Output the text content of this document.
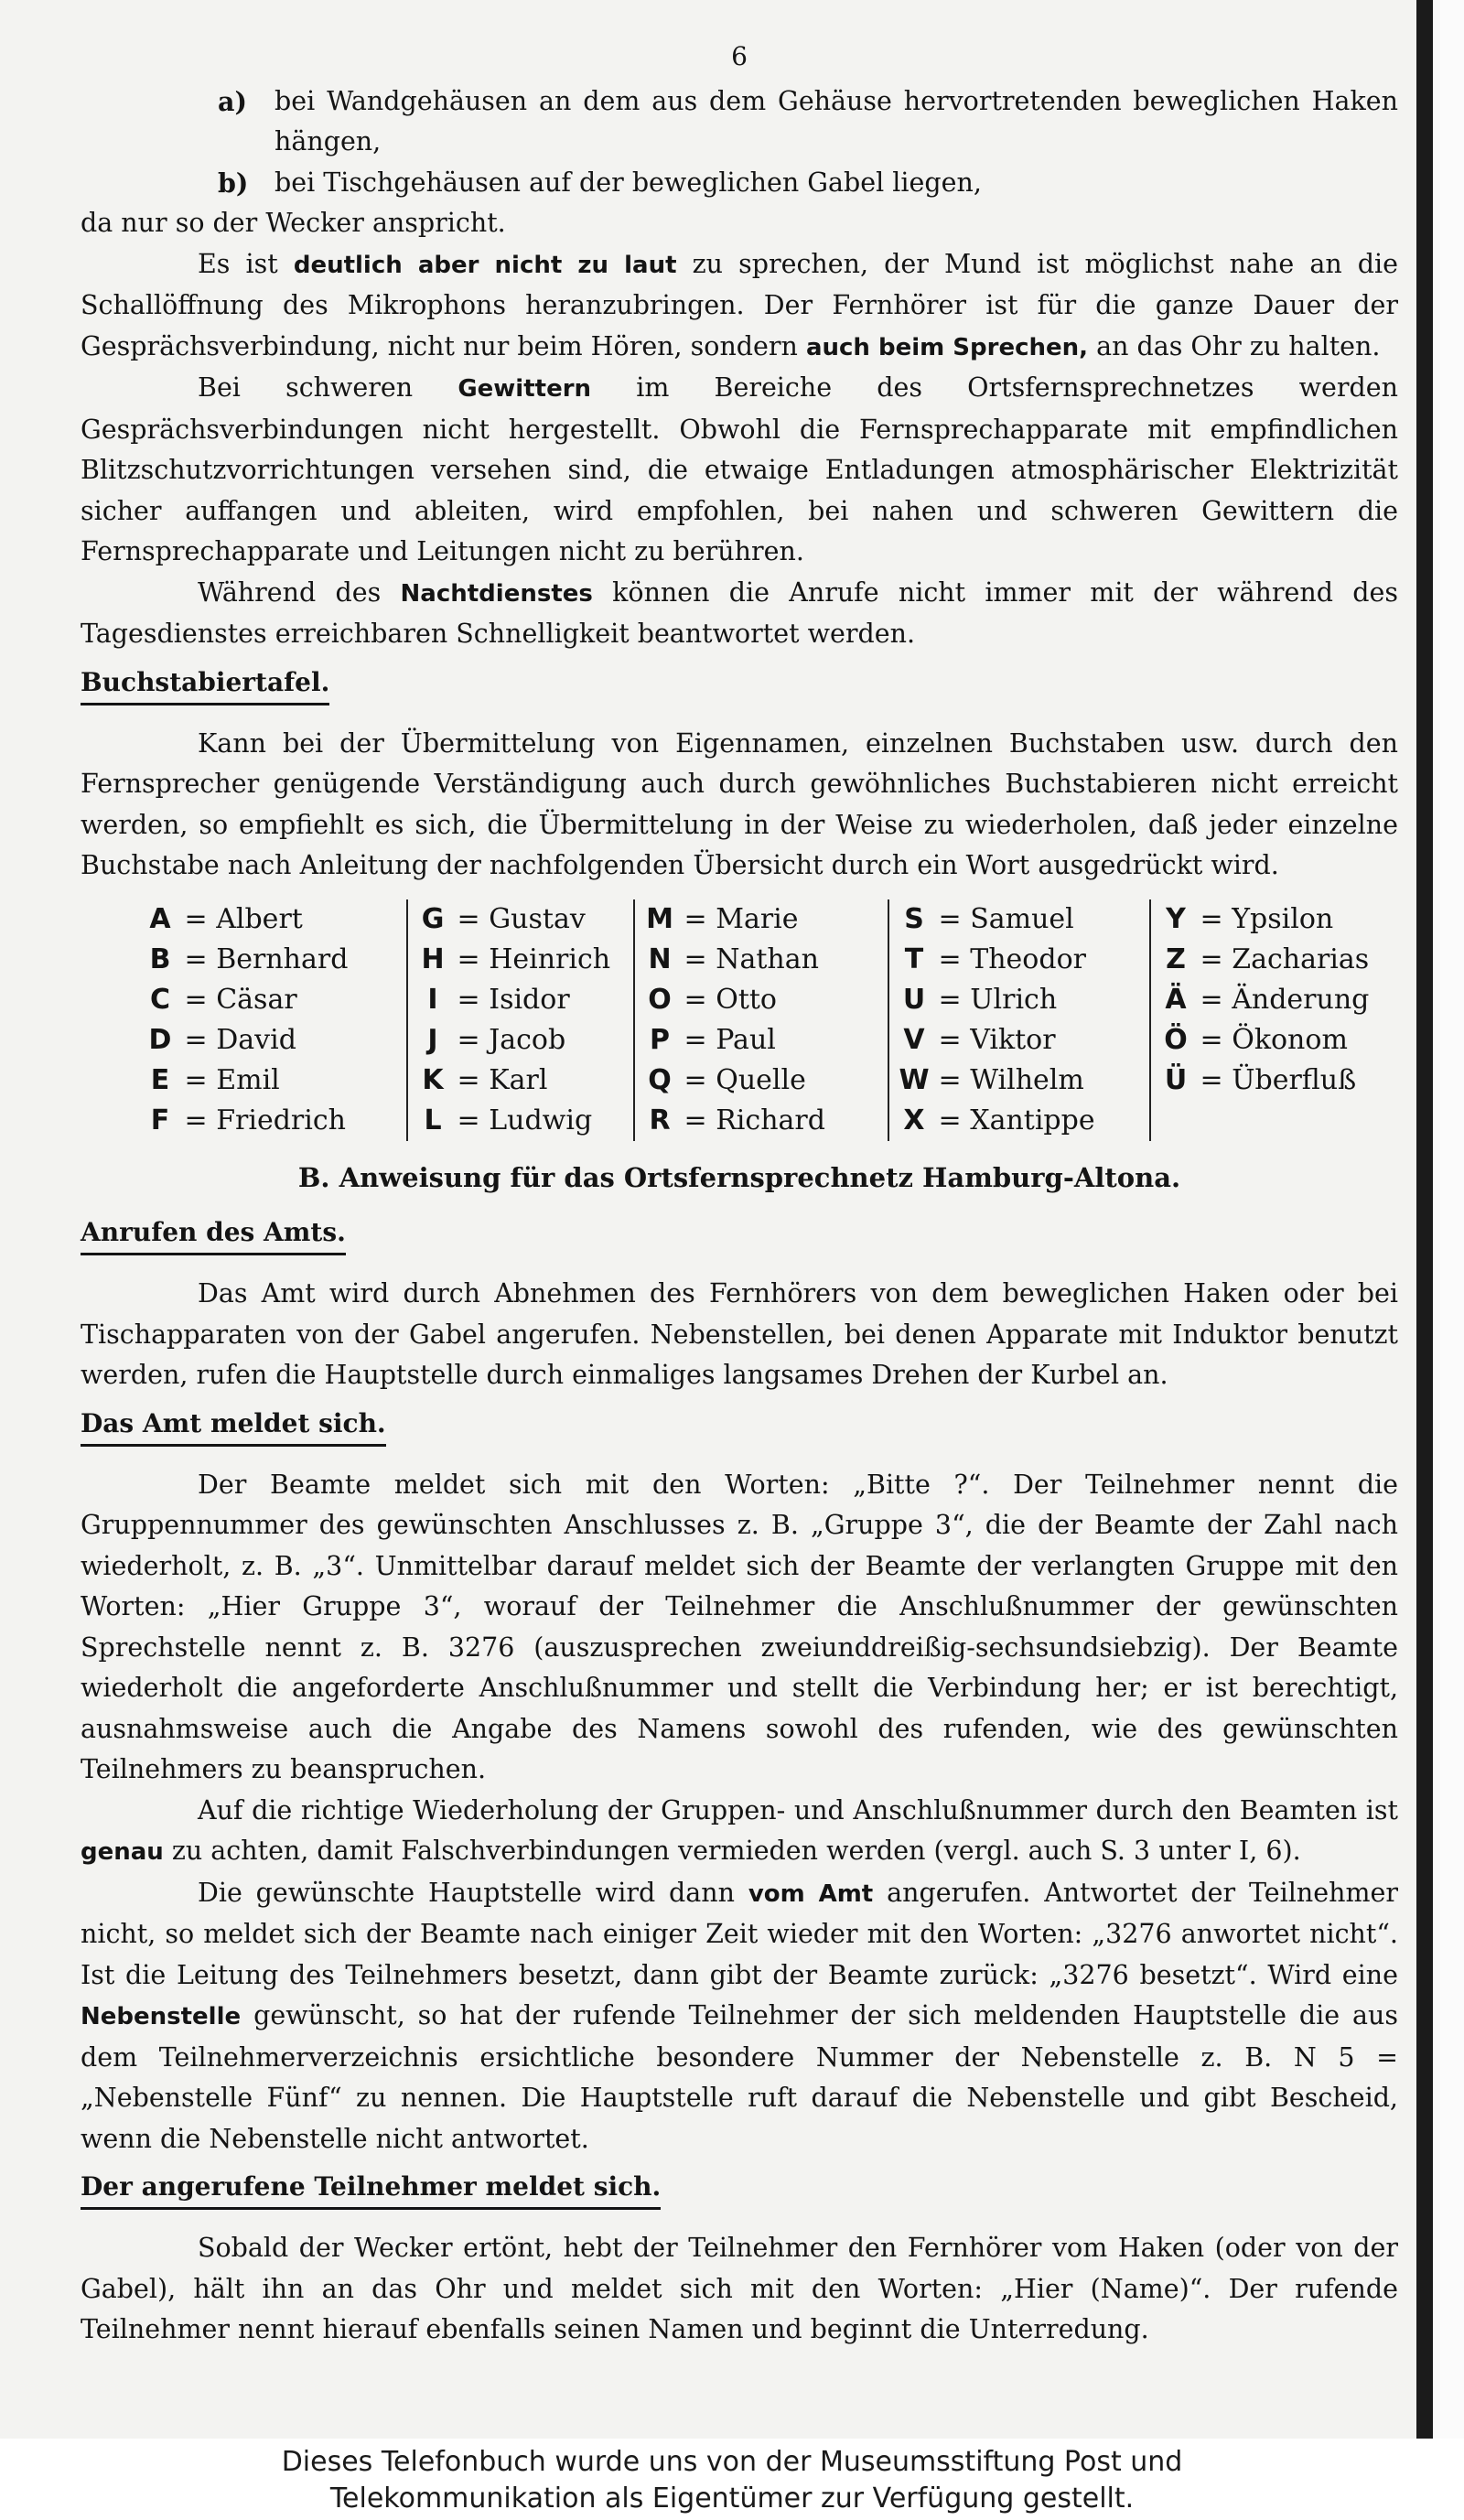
6
a)	bei Wandgehäusen an dem aus dem Gehäuse hervortretenden beweglichen Haken hängen,
b)	bei Tischgehäusen auf der beweglichen Gabel liegen,
da nur so der Wecker anspricht.

Es ist deutlich aber nicht zu laut zu sprechen, der Mund ist möglichst nahe an die Schallöffnung des Mikrophons heranzubringen. Der Fernhörer ist für die ganze Dauer der Gesprächsverbindung, nicht nur beim Hören, sondern auch beim Sprechen, an das Ohr zu halten.

Bei schweren Gewittern im Bereiche des Ortsfernsprechnetzes werden Gesprächsverbindungen nicht hergestellt. Obwohl die Fernsprechapparate mit empfindlichen Blitzschutzvorrichtungen versehen sind, die etwaige Entladungen atmosphärischer Elektrizität sicher auffangen und ableiten, wird empfohlen, bei nahen und schweren Gewittern die Fernsprechapparate und Leitungen nicht zu berühren.

Während des Nachtdienstes können die Anrufe nicht immer mit der während des Tagesdienstes erreichbaren Schnelligkeit beantwortet werden.

Buchstabiertafel.

Kann bei der Übermittelung von Eigennamen, einzelnen Buchstaben usw. durch den Fernsprecher genügende Verständigung auch durch gewöhnliches Buchstabieren nicht erreicht werden, so empfiehlt es sich, die Übermittelung in der Weise zu wiederholen, daß jeder einzelne Buchstabe nach Anleitung der nachfolgenden Übersicht durch ein Wort ausgedrückt wird.

A = Albert
B = Bernhard
C = Cäsar
D = David
E = Emil
F = Friedrich
G = Gustav
H = Heinrich
I = Isidor
J = Jacob
K = Karl
L = Ludwig
M = Marie
N = Nathan
O = Otto
P = Paul
Q = Quelle
R = Richard
S = Samuel
T = Theodor
U = Ulrich
V = Viktor
W = Wilhelm
X = Xantippe
Y = Ypsilon
Z = Zacharias
Ä = Änderung
Ö = Ökonom
Ü = Überfluß
B. Anweisung für das Ortsfernsprechnetz Hamburg-Altona.
Anrufen des Amts.

Das Amt wird durch Abnehmen des Fernhörers von dem beweglichen Haken oder bei Tischapparaten von der Gabel angerufen. Nebenstellen, bei denen Apparate mit Induktor benutzt werden, rufen die Hauptstelle durch einmaliges langsames Drehen der Kurbel an.

Das Amt meldet sich.

Der Beamte meldet sich mit den Worten: „Bitte ?“. Der Teilnehmer nennt die Gruppennummer des gewünschten Anschlusses z. B. „Gruppe 3“, die der Beamte der Zahl nach wiederholt, z. B. „3“. Unmittelbar darauf meldet sich der Beamte der verlangten Gruppe mit den Worten: „Hier Gruppe 3“, worauf der Teilnehmer die Anschlußnummer der gewünschten Sprechstelle nennt z. B. 3276 (auszusprechen zweiunddreißig-sechsundsiebzig). Der Beamte wiederholt die angeforderte Anschlußnummer und stellt die Verbindung her; er ist berechtigt, ausnahmsweise auch die Angabe des Namens sowohl des rufenden, wie des gewünschten Teilnehmers zu beanspruchen.

Auf die richtige Wiederholung der Gruppen- und Anschlußnummer durch den Beamten ist genau zu achten, damit Falschverbindungen vermieden werden (vergl. auch S. 3 unter I, 6).

Die gewünschte Hauptstelle wird dann vom Amt angerufen. Antwortet der Teilnehmer nicht, so meldet sich der Beamte nach einiger Zeit wieder mit den Worten: „3276 anwortet nicht“. Ist die Leitung des Teilnehmers besetzt, dann gibt der Beamte zurück: „3276 besetzt“. Wird eine Nebenstelle gewünscht, so hat der rufende Teilnehmer der sich meldenden Hauptstelle die aus dem Teilnehmerverzeichnis ersichtliche besondere Nummer der Nebenstelle z. B. N 5 = „Nebenstelle Fünf“ zu nennen. Die Hauptstelle ruft darauf die Nebenstelle und gibt Bescheid, wenn die Nebenstelle nicht antwortet.

Der angerufene Teilnehmer meldet sich.

Sobald der Wecker ertönt, hebt der Teilnehmer den Fernhörer vom Haken (oder von der Gabel), hält ihn an das Ohr und meldet sich mit den Worten: „Hier (Name)“. Der rufende Teilnehmer nennt hierauf ebenfalls seinen Namen und beginnt die Unterredung.

Dieses Telefonbuch wurde uns von der Museumsstiftung Post und
Telekommunikation als Eigentümer zur Verfügung gestellt.
